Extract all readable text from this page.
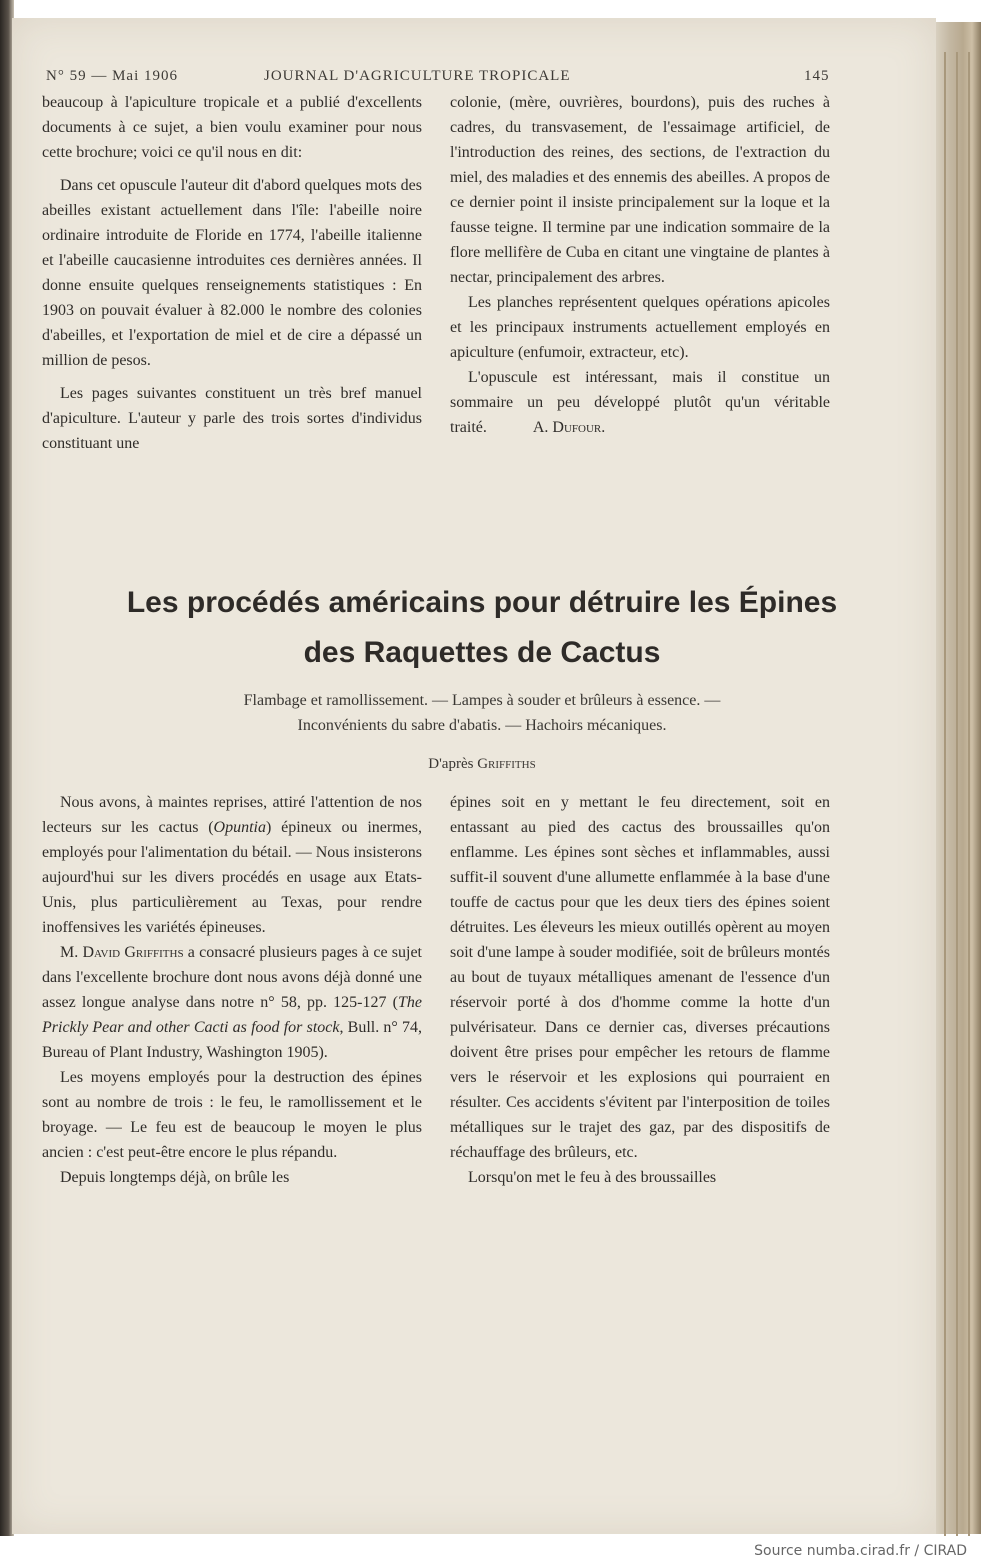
N° 59 — Mai 1906	JOURNAL D'AGRICULTURE TROPICALE	145

beaucoup à l'apiculture tropicale et a publié d'excellents documents à ce sujet, a bien voulu examiner pour nous cette brochure; voici ce qu'il nous en dit:

Dans cet opuscule l'auteur dit d'abord quelques mots des abeilles existant actuellement dans l'île: l'abeille noire ordinaire introduite de Floride en 1774, l'abeille italienne et l'abeille caucasienne introduites ces dernières années. Il donne ensuite quelques renseignements statistiques : En 1903 on pouvait évaluer à 82.000 le nombre des colonies d'abeilles, et l'exportation de miel et de cire a dépassé un million de pesos.

Les pages suivantes constituent un très bref manuel d'apiculture. L'auteur y parle des trois sortes d'individus constituant une

colonie, (mère, ouvrières, bourdons), puis des ruches à cadres, du transvasement, de l'essaimage artificiel, de l'introduction des reines, des sections, de l'extraction du miel, des maladies et des ennemis des abeilles. A propos de ce dernier point il insiste principalement sur la loque et la fausse teigne. Il termine par une indication sommaire de la flore mellifère de Cuba en citant une vingtaine de plantes à nectar, principalement des arbres.

Les planches représentent quelques opérations apicoles et les principaux instruments actuellement employés en apiculture (enfumoir, extracteur, etc).

L'opuscule est intéressant, mais il constitue un sommaire un peu développé plutôt qu'un véritable traité.	A. Dufour.

Les procédés américains pour détruire les Épines
des Raquettes de Cactus
Flambage et ramollissement. — Lampes à souder et brûleurs à essence. —
Inconvénients du sabre d'abatis. — Hachoirs mécaniques.
D'après Griffiths

Nous avons, à maintes reprises, attiré l'attention de nos lecteurs sur les cactus (Opuntia) épineux ou inermes, employés pour l'alimentation du bétail. — Nous insisterons aujourd'hui sur les divers procédés en usage aux Etats-Unis, plus particulièrement au Texas, pour rendre inoffensives les variétés épineuses.

M. David Griffiths a consacré plusieurs pages à ce sujet dans l'excellente brochure dont nous avons déjà donné une assez longue analyse dans notre n° 58, pp. 125-127 (The Prickly Pear and other Cacti as food for stock, Bull. n° 74, Bureau of Plant Industry, Washington 1905).

Les moyens employés pour la destruction des épines sont au nombre de trois : le feu, le ramollissement et le broyage. — Le feu est de beaucoup le moyen le plus ancien : c'est peut-être encore le plus répandu.

Depuis longtemps déjà, on brûle les

épines soit en y mettant le feu directement, soit en entassant au pied des cactus des broussailles qu'on enflamme. Les épines sont sèches et inflammables, aussi suffit-il souvent d'une allumette enflammée à la base d'une touffe de cactus pour que les deux tiers des épines soient détruites. Les éleveurs les mieux outillés opèrent au moyen soit d'une lampe à souder modifiée, soit de brûleurs montés au bout de tuyaux métalliques amenant de l'essence d'un réservoir porté à dos d'homme comme la hotte d'un pulvérisateur. Dans ce dernier cas, diverses précautions doivent être prises pour empêcher les retours de flamme vers le réservoir et les explosions qui pourraient en résulter. Ces accidents s'évitent par l'interposition de toiles métalliques sur le trajet des gaz, par des dispositifs de réchauffage des brûleurs, etc.

Lorsqu'on met le feu à des broussailles

Source numba.cirad.fr / CIRAD
